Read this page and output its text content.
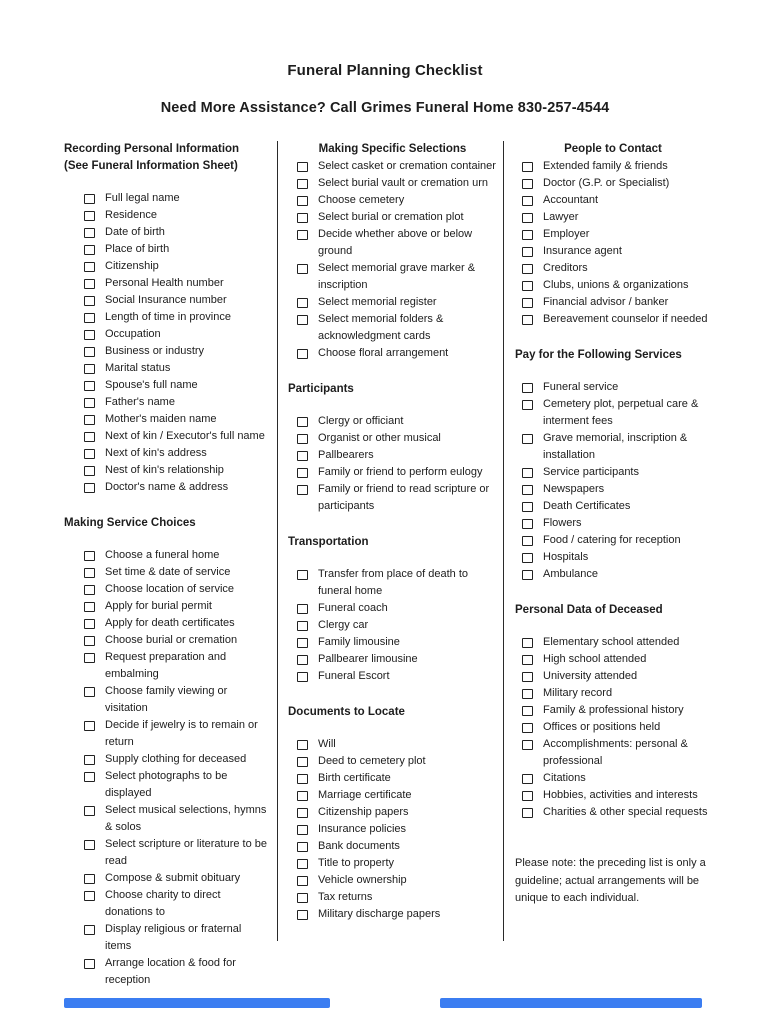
Funeral Planning Checklist
Need More Assistance? Call Grimes Funeral Home 830-257-4544
Recording Personal Information
(See Funeral Information Sheet)
Full legal name
Residence
Date of birth
Place of birth
Citizenship
Personal Health number
Social Insurance number
Length of time in province
Occupation
Business or industry
Marital status
Spouse's full name
Father's name
Mother's maiden name
Next of kin / Executor's full name
Next of kin's address
Nest of kin's relationship
Doctor's name & address
Making Service Choices
Choose a funeral home
Set time & date of service
Choose location of service
Apply for burial permit
Apply for death certificates
Choose burial or cremation
Request preparation and embalming
Choose family viewing or visitation
Decide if jewelry is to remain or return
Supply clothing for deceased
Select photographs to be displayed
Select musical selections, hymns & solos
Select scripture or literature to be read
Compose & submit obituary
Choose charity to direct donations to
Display religious or fraternal items
Arrange location & food for reception
Making Specific Selections
Select casket or cremation container
Select burial vault or cremation urn
Choose cemetery
Select burial or cremation plot
Decide whether above or below ground
Select memorial grave marker & inscription
Select memorial register
Select memorial folders & acknowledgment cards
Choose floral arrangement
Participants
Clergy or officiant
Organist or other musical
Pallbearers
Family or friend to perform eulogy
Family or friend to read scripture or participants
Transportation
Transfer from place of death to funeral home
Funeral coach
Clergy car
Family limousine
Pallbearer limousine
Funeral Escort
Documents to Locate
Will
Deed to cemetery plot
Birth certificate
Marriage certificate
Citizenship papers
Insurance policies
Bank documents
Title to property
Vehicle ownership
Tax returns
Military discharge papers
People to Contact
Extended family & friends
Doctor (G.P. or Specialist)
Accountant
Lawyer
Employer
Insurance agent
Creditors
Clubs, unions & organizations
Financial advisor / banker
Bereavement counselor if needed
Pay for the Following Services
Funeral service
Cemetery plot, perpetual care & interment fees
Grave memorial, inscription & installation
Service participants
Newspapers
Death Certificates
Flowers
Food / catering for reception
Hospitals
Ambulance
Personal Data of Deceased
Elementary school attended
High school attended
University attended
Military record
Family & professional history
Offices or positions held
Accomplishments: personal & professional
Citations
Hobbies, activities and interests
Charities & other special requests
Please note: the preceding list is only a guideline; actual arrangements will be unique to each individual.
